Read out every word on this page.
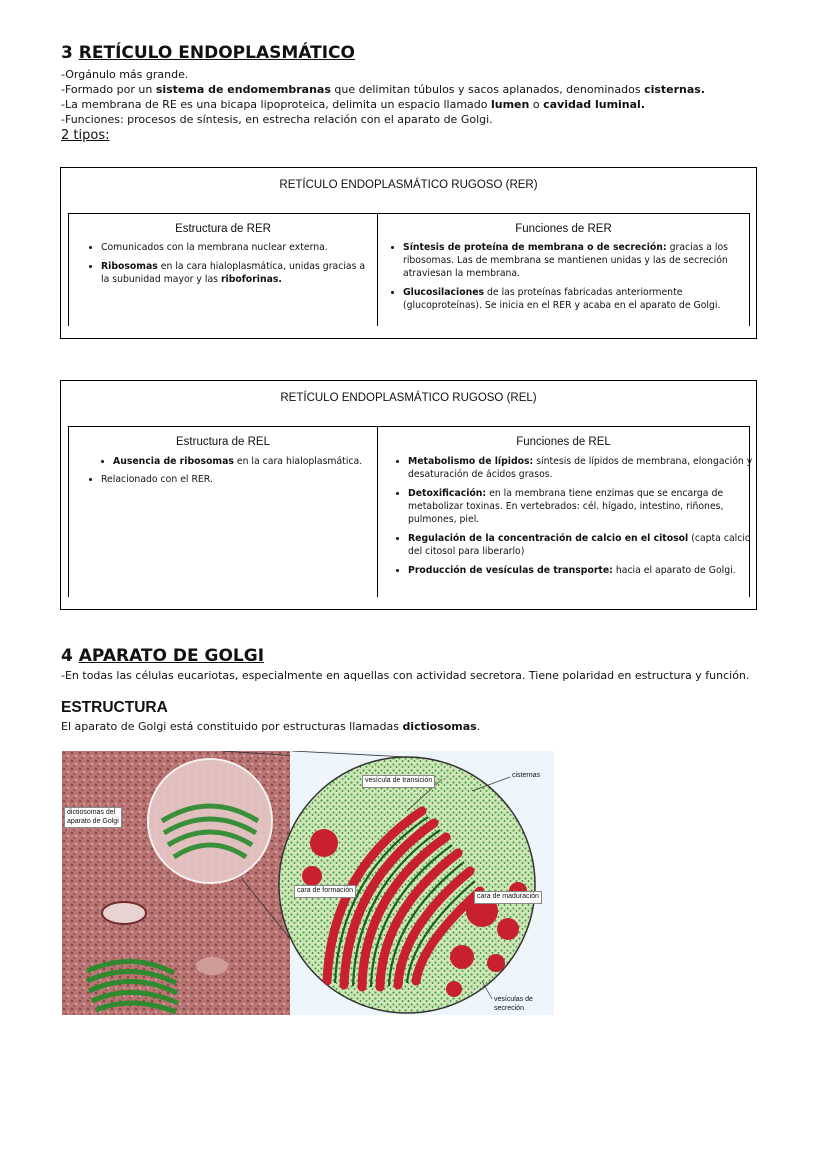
3 RETÍCULO ENDOPLASMÁTICO
-Orgánulo más grande.
-Formado por un sistema de endomembranas que delimitan túbulos y sacos aplanados, denominados cisternas.
-La membrana de RE es una bicapa lipoproteica, delimita un espacio llamado lumen o cavidad luminal.
-Funciones: procesos de síntesis, en estrecha relación con el aparato de Golgi.
2 tipos:
RETÍCULO ENDOPLASMÁTICO RUGOSO (RER)
Estructura de RER	Funciones de RER
• Comunicados con la membrana nuclear externa.
• Ribosomas en la cara hialoplasmática, unidas gracias a la subunidad mayor y las riboforinas.
• Síntesis de proteína de membrana o de secreción: gracias a los ribosomas. Las de membrana se mantienen unidas y las de secreción atraviesan la membrana.
• Glucosilaciones de las proteínas fabricadas anteriormente (glucoproteínas). Se inicia en el RER y acaba en el aparato de Golgi.
RETÍCULO ENDOPLASMÁTICO RUGOSO (REL)
Estructura de REL	Funciones de REL
• Ausencia de ribosomas en la cara hialoplasmática.
• Relacionado con el RER.
• Metabolismo de lípidos: síntesis de lípidos de membrana, elongación y desaturación de ácidos grasos.
• Detoxificación: en la membrana tiene enzimas que se encarga de metabolizar toxinas. En vertebrados: cél. hígado, intestino, riñones, pulmones, piel.
• Regulación de la concentración de calcio en el citosol (capta calcio del citosol para liberarlo)
• Producción de vesículas de transporte: hacia el aparato de Golgi.
4 APARATO DE GOLGI
-En todas las células eucariotas, especialmente en aquellas con actividad secretora. Tiene polaridad en estructura y función.
ESTRUCTURA
El aparato de Golgi está constituido por estructuras llamadas dictiosomas.
dictiosomas del
aparato de Golgi
vesícula de transición
cisternas
cara de formación
cara de maduración
vesículas de
secreción
